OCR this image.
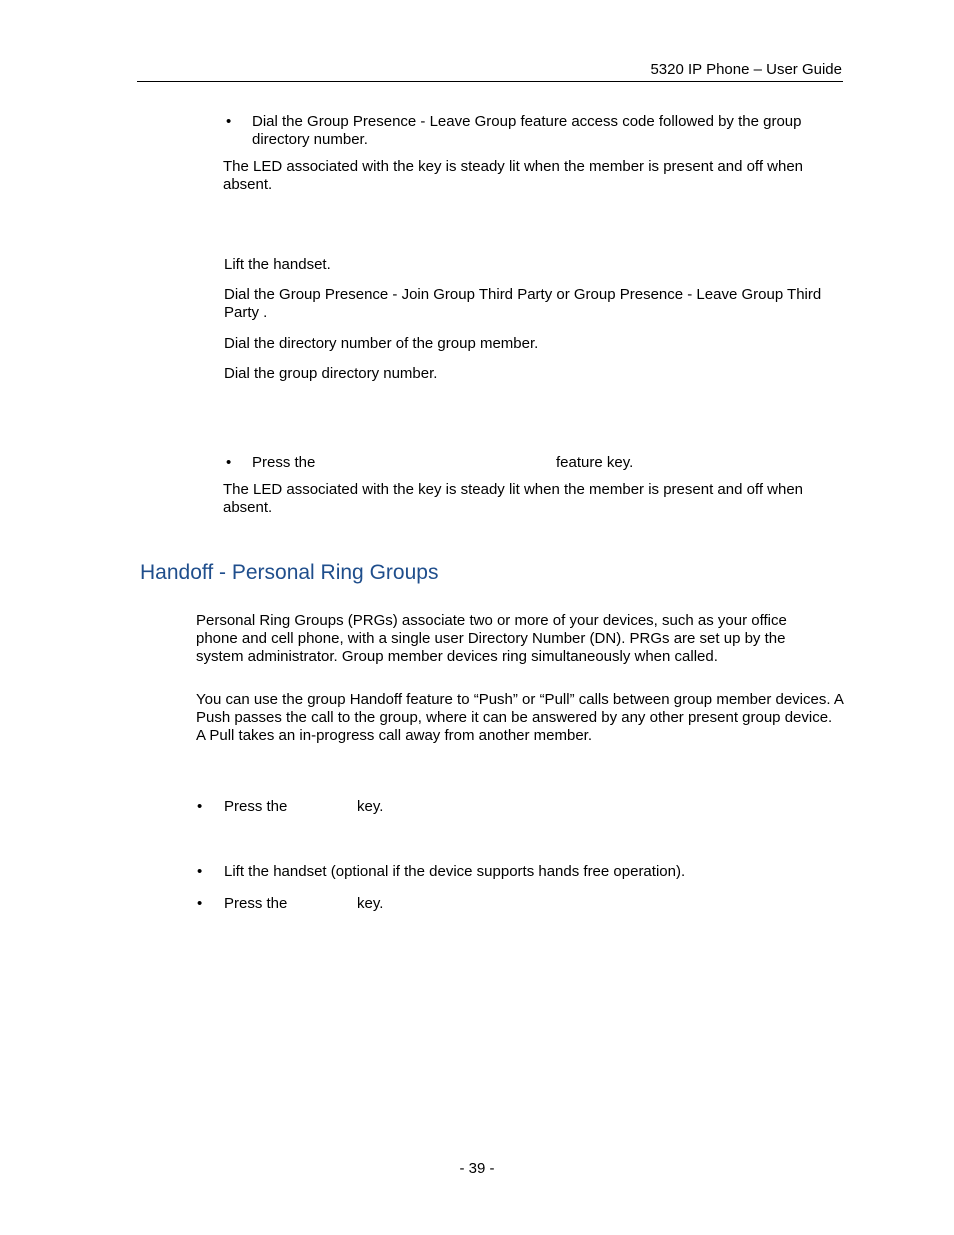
5320 IP Phone – User Guide
•	Dial the Group Presence - Leave Group feature access code followed by the group directory number.
The LED associated with the key is steady lit when the member is present and off when absent.
Lift the handset.
Dial the Group Presence - Join Group Third Party or Group Presence - Leave Group Third Party .
Dial the directory number of the group member.
Dial the group directory number.
•	Press the	feature key.
The LED associated with the key is steady lit when the member is present and off when absent.
Handoff - Personal Ring Groups
Personal Ring Groups (PRGs) associate two or more of your devices, such as your office phone and cell phone, with a single user Directory Number (DN). PRGs are set up by the system administrator. Group member devices ring simultaneously when called.
You can use the group Handoff feature to “Push” or “Pull” calls between group member devices. A Push passes the call to the group, where it can be answered by any other present group device. A Pull takes an in-progress call away from another member.
•	Press the	key.
•	Lift the handset (optional if the device supports hands free operation).
•	Press the	key.
- 39 -
